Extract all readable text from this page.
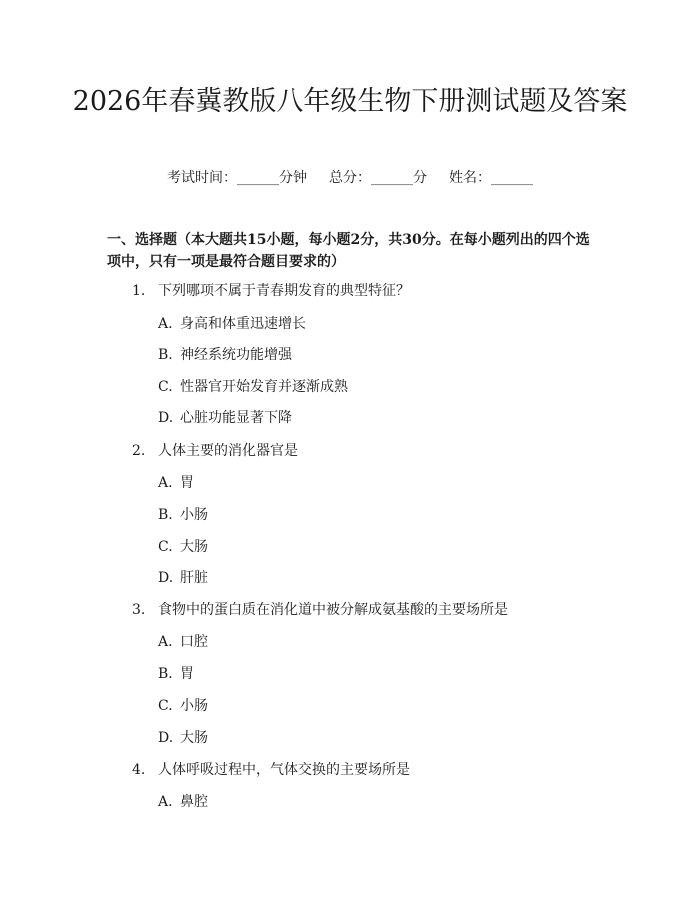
2026年春冀教版八年级生物下册测试题及答案
考试时间：______分钟 总分：______分 姓名：______

一、选择题（本大题共15小题，每小题2分，共30分。在每小题列出的四个选项中，只有一项是最符合题目要求的）

1. 下列哪项不属于青春期发育的典型特征？
A. 身高和体重迅速增长
B. 神经系统功能增强
C. 性器官开始发育并逐渐成熟
D. 心脏功能显著下降
2. 人体主要的消化器官是
A. 胃
B. 小肠
C. 大肠
D. 肝脏
3. 食物中的蛋白质在消化道中被分解成氨基酸的主要场所是
A. 口腔
B. 胃
C. 小肠
D. 大肠
4. 人体呼吸过程中，气体交换的主要场所是
A. 鼻腔
